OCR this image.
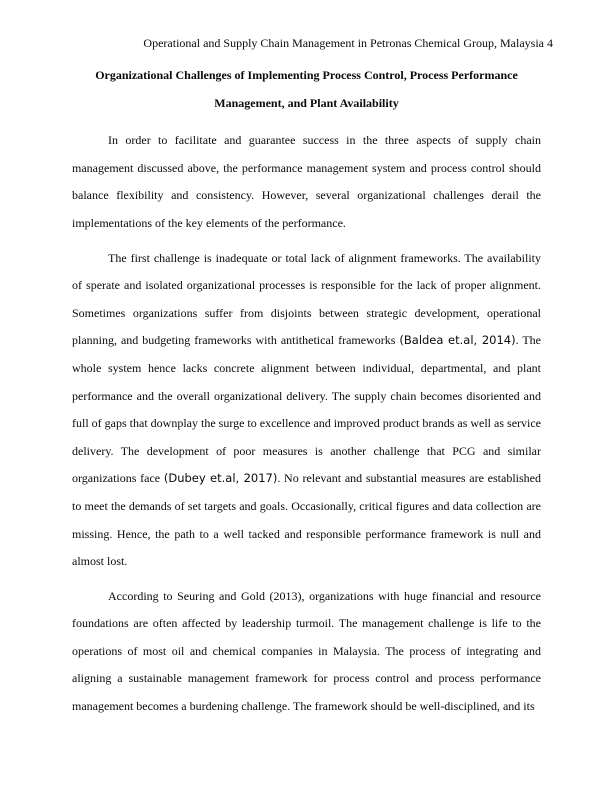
Operational and Supply Chain Management in Petronas Chemical Group, Malaysia 4
Organizational Challenges of Implementing Process Control, Process Performance
Management, and Plant Availability

In order to facilitate and guarantee success in the three aspects of supply chain management discussed above, the performance management system and process control should balance flexibility and consistency. However, several organizational challenges derail the implementations of the key elements of the performance.

The first challenge is inadequate or total lack of alignment frameworks. The availability of sperate and isolated organizational processes is responsible for the lack of proper alignment. Sometimes organizations suffer from disjoints between strategic development, operational planning, and budgeting frameworks with antithetical frameworks (Baldea et.al, 2014). The whole system hence lacks concrete alignment between individual, departmental, and plant performance and the overall organizational delivery. The supply chain becomes disoriented and full of gaps that downplay the surge to excellence and improved product brands as well as service delivery. The development of poor measures is another challenge that PCG and similar organizations face (Dubey et.al, 2017). No relevant and substantial measures are established to meet the demands of set targets and goals. Occasionally, critical figures and data collection are missing. Hence, the path to a well tacked and responsible performance framework is null and almost lost.

According to Seuring and Gold (2013), organizations with huge financial and resource foundations are often affected by leadership turmoil. The management challenge is life to the operations of most oil and chemical companies in Malaysia. The process of integrating and aligning a sustainable management framework for process control and process performance management becomes a burdening challenge. The framework should be well-disciplined, and its
